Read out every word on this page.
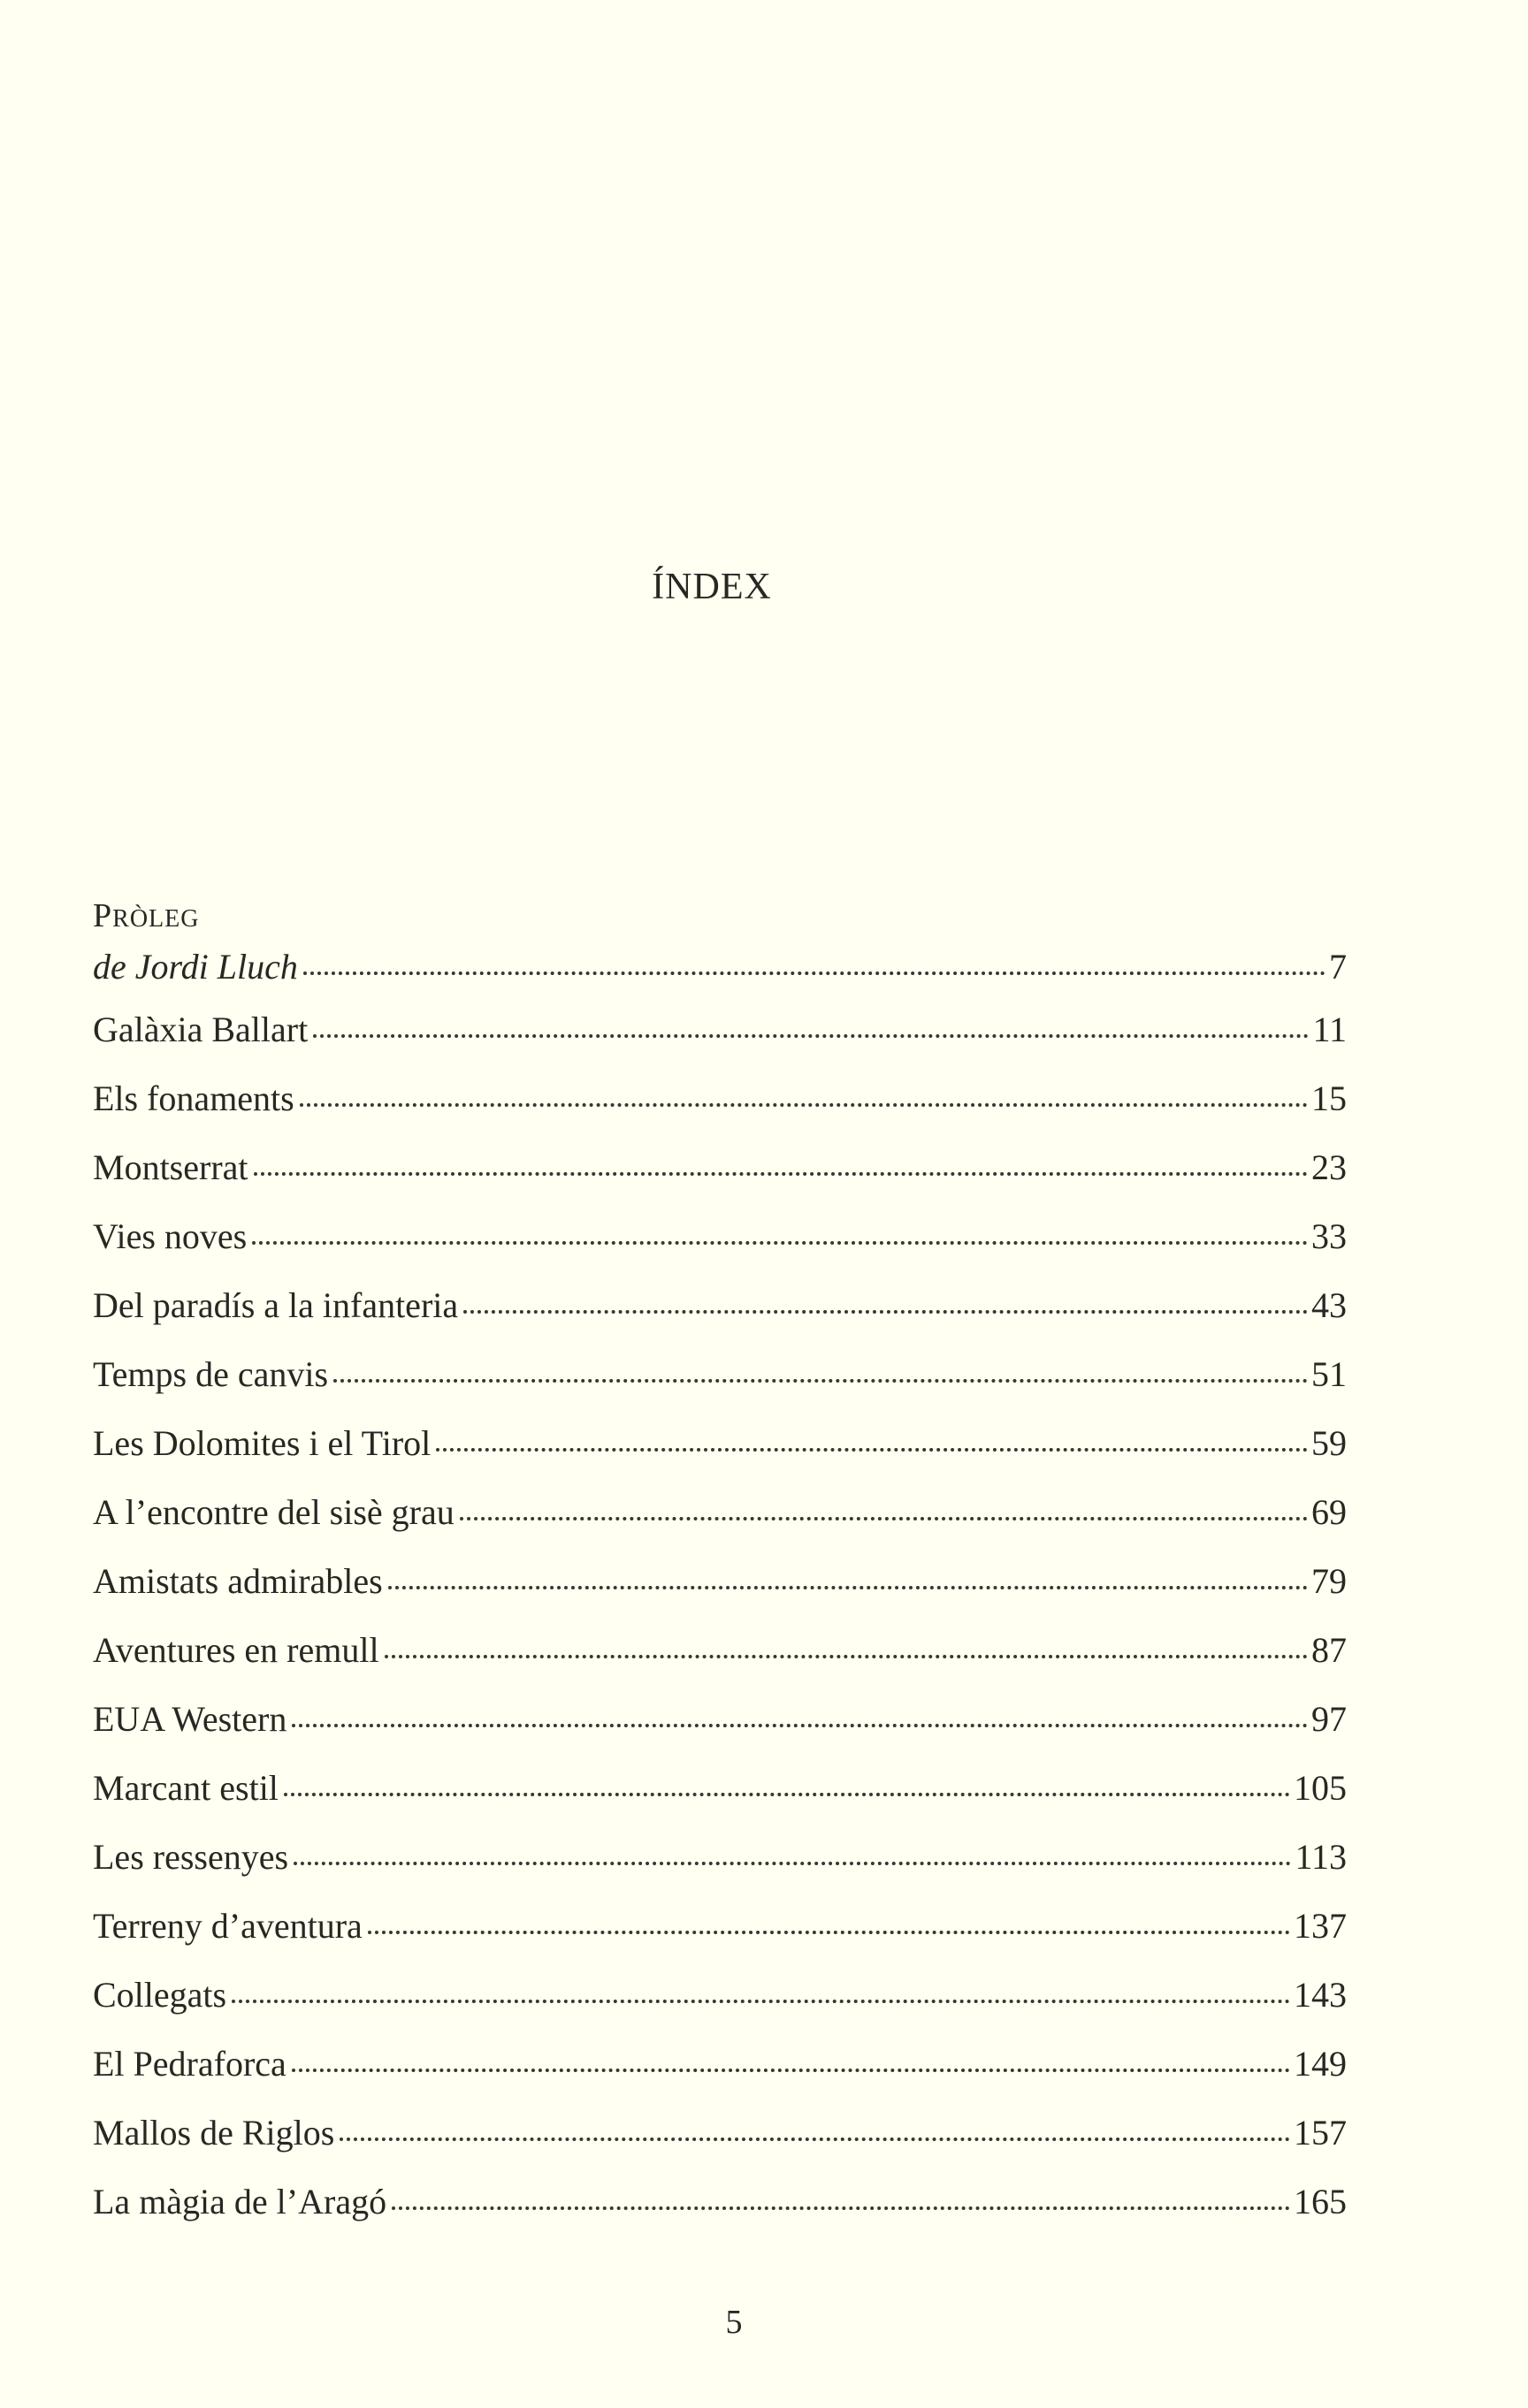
ÍNDEX
PRÒLEG
de Jordi Lluch	7
Galàxia Ballart	11
Els fonaments	15
Montserrat	23
Vies noves	33
Del paradís a la infanteria	43
Temps de canvis	51
Les Dolomites i el Tirol	59
A l’encontre del sisè grau	69
Amistats admirables	79
Aventures en remull	87
EUA Western	97
Marcant estil	105
Les ressenyes	113
Terreny d’aventura	137
Collegats	143
El Pedraforca	149
Mallos de Riglos	157
La màgia de l’Aragó	165
5
